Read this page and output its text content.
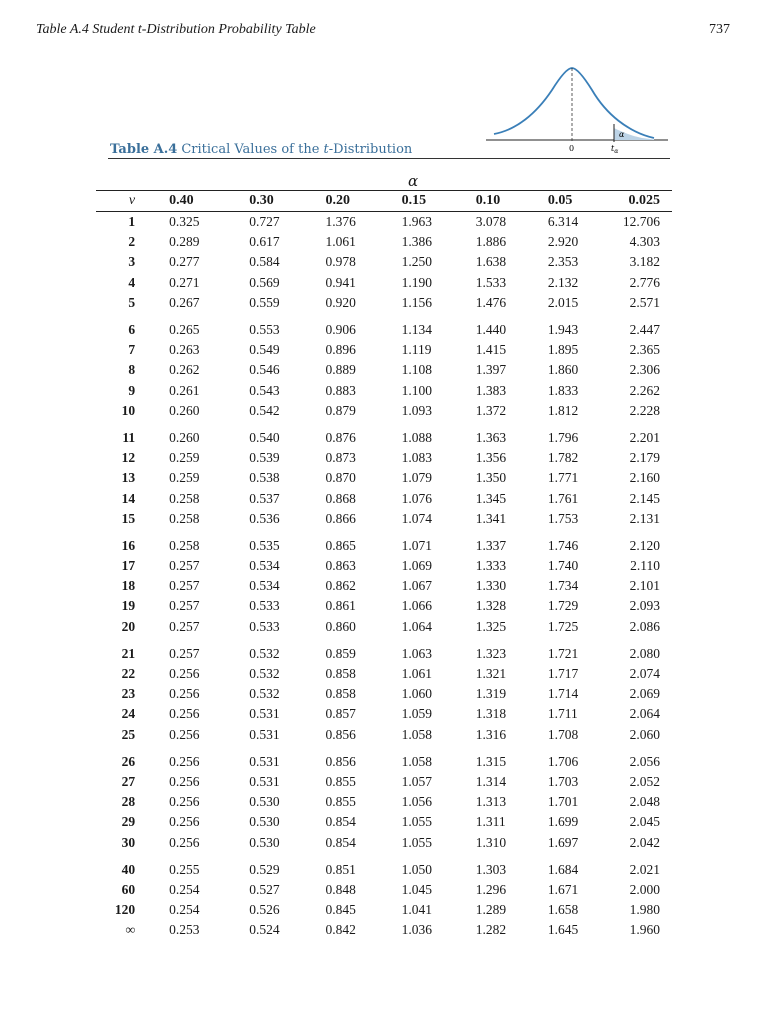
Table A.4 Student t-Distribution Probability Table	737
α
0	$t_\alpha$
Table A.4 Critical Values of the t-Distribution
α
v	0.40	0.30	0.20	0.15	0.10	0.05	0.025
1	0.325	0.727	1.376	1.963	3.078	6.314	12.706
2	0.289	0.617	1.061	1.386	1.886	2.920	4.303
3	0.277	0.584	0.978	1.250	1.638	2.353	3.182
4	0.271	0.569	0.941	1.190	1.533	2.132	2.776
5	0.267	0.559	0.920	1.156	1.476	2.015	2.571
6	0.265	0.553	0.906	1.134	1.440	1.943	2.447
7	0.263	0.549	0.896	1.119	1.415	1.895	2.365
8	0.262	0.546	0.889	1.108	1.397	1.860	2.306
9	0.261	0.543	0.883	1.100	1.383	1.833	2.262
10	0.260	0.542	0.879	1.093	1.372	1.812	2.228
11	0.260	0.540	0.876	1.088	1.363	1.796	2.201
12	0.259	0.539	0.873	1.083	1.356	1.782	2.179
13	0.259	0.538	0.870	1.079	1.350	1.771	2.160
14	0.258	0.537	0.868	1.076	1.345	1.761	2.145
15	0.258	0.536	0.866	1.074	1.341	1.753	2.131
16	0.258	0.535	0.865	1.071	1.337	1.746	2.120
17	0.257	0.534	0.863	1.069	1.333	1.740	2.110
18	0.257	0.534	0.862	1.067	1.330	1.734	2.101
19	0.257	0.533	0.861	1.066	1.328	1.729	2.093
20	0.257	0.533	0.860	1.064	1.325	1.725	2.086
21	0.257	0.532	0.859	1.063	1.323	1.721	2.080
22	0.256	0.532	0.858	1.061	1.321	1.717	2.074
23	0.256	0.532	0.858	1.060	1.319	1.714	2.069
24	0.256	0.531	0.857	1.059	1.318	1.711	2.064
25	0.256	0.531	0.856	1.058	1.316	1.708	2.060
26	0.256	0.531	0.856	1.058	1.315	1.706	2.056
27	0.256	0.531	0.855	1.057	1.314	1.703	2.052
28	0.256	0.530	0.855	1.056	1.313	1.701	2.048
29	0.256	0.530	0.854	1.055	1.311	1.699	2.045
30	0.256	0.530	0.854	1.055	1.310	1.697	2.042
40	0.255	0.529	0.851	1.050	1.303	1.684	2.021
60	0.254	0.527	0.848	1.045	1.296	1.671	2.000
120	0.254	0.526	0.845	1.041	1.289	1.658	1.980
∞	0.253	0.524	0.842	1.036	1.282	1.645	1.960
